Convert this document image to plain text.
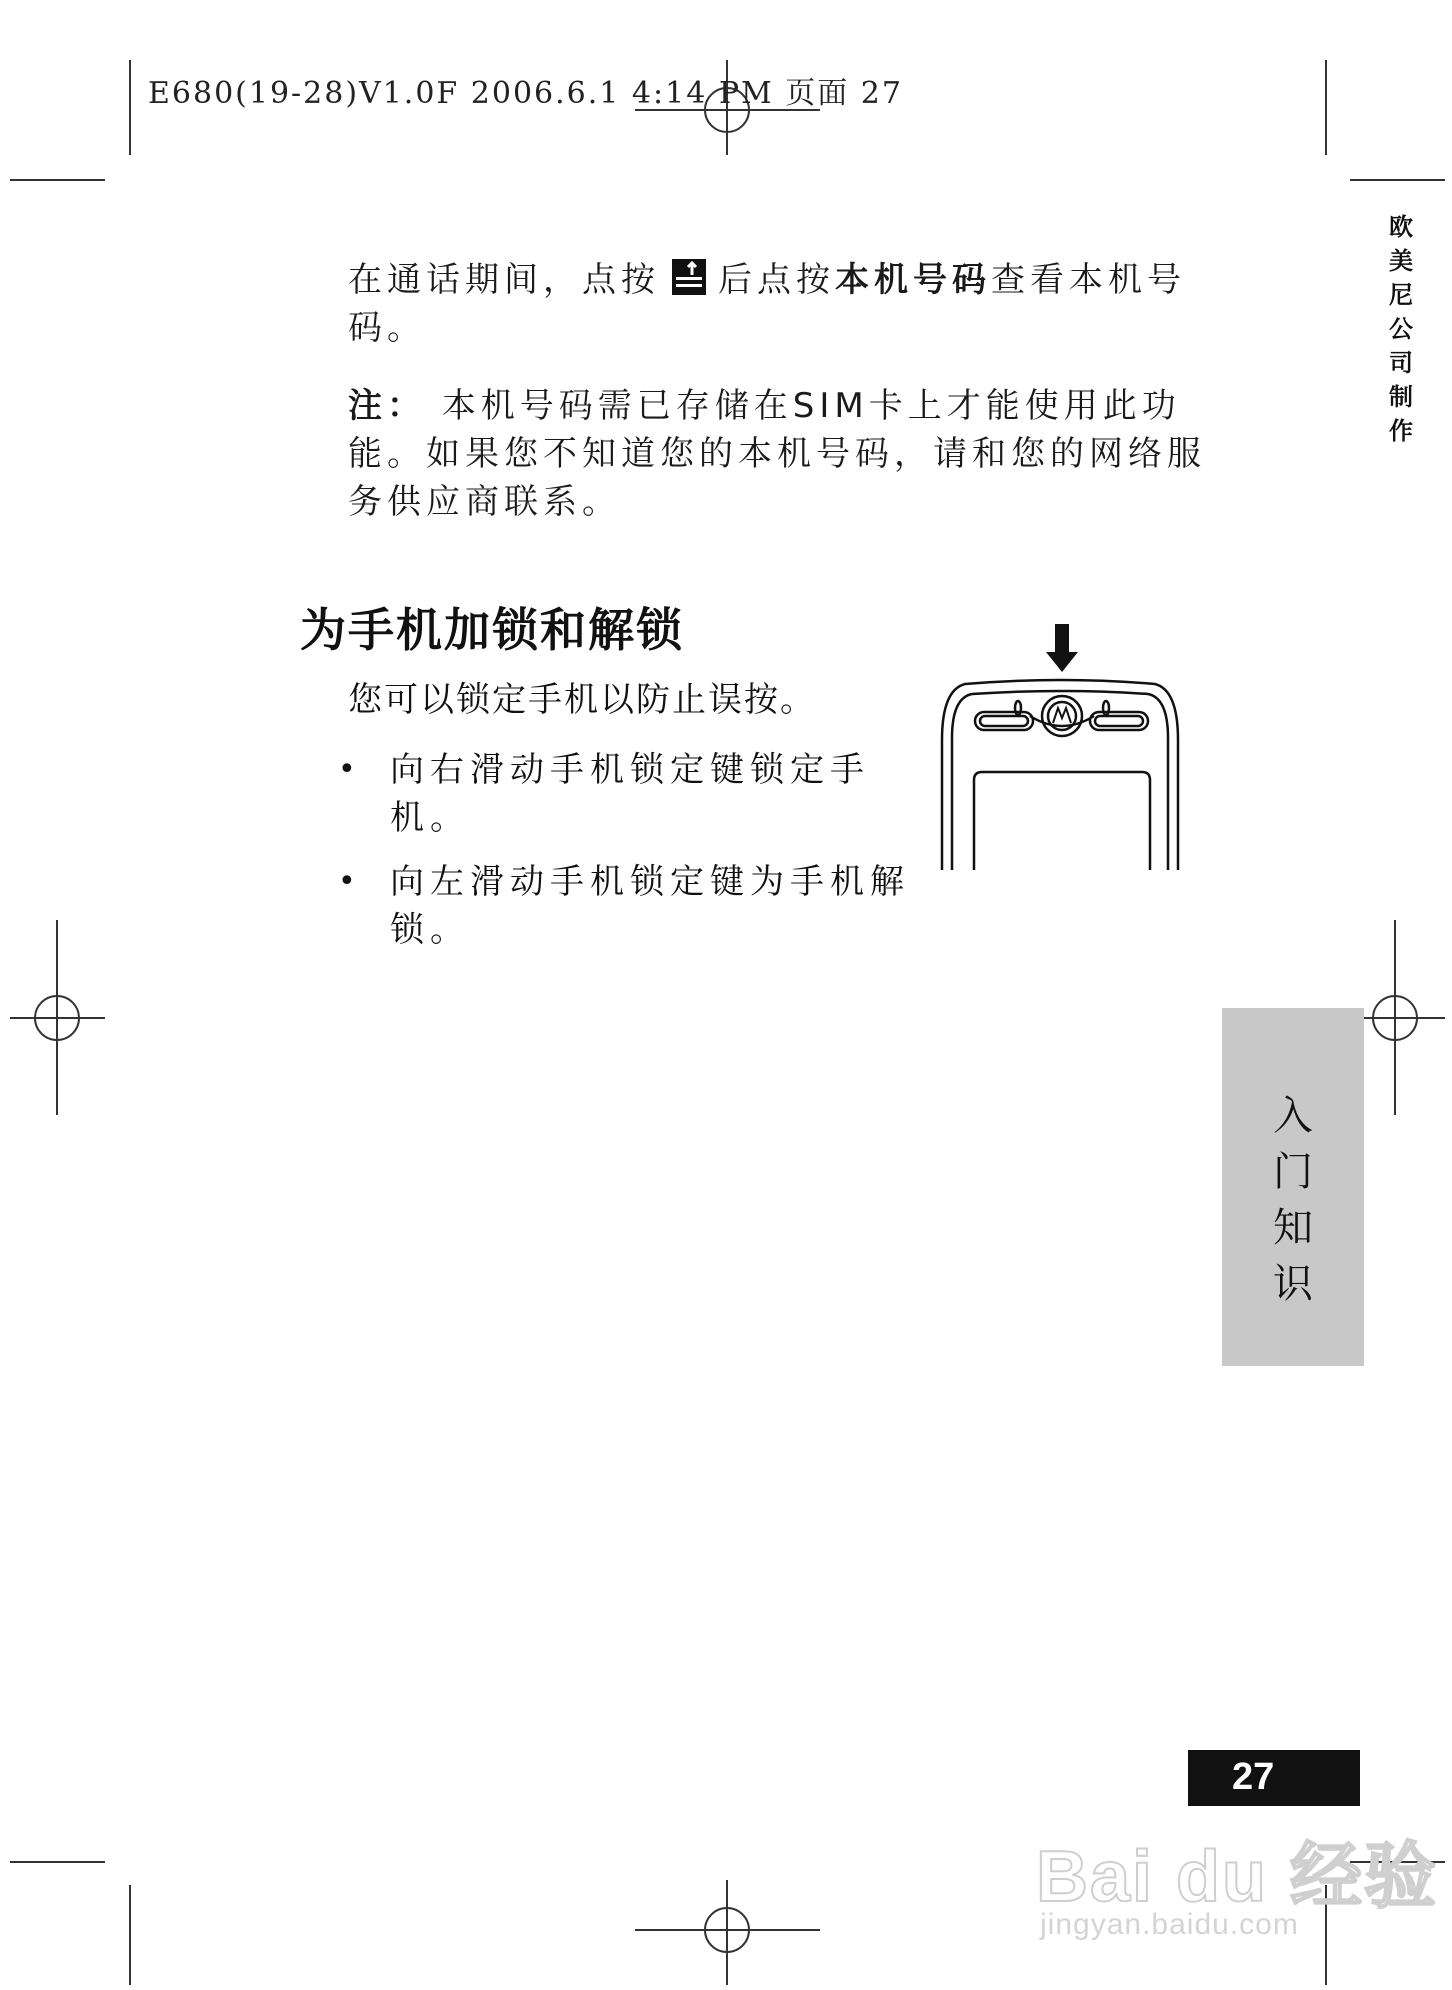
E680(19-28)V1.0F 2006.6.1 4:14 PM 页面 27
在通话期间，点按 后点按本机号码查看本机号码。
注： 本机号码需已存储在SIM卡上才能使用此功能。如果您不知道您的本机号码，请和您的网络服务供应商联系。
为手机加锁和解锁
您可以锁定手机以防止误按。
• 向右滑动手机锁定键锁定手机。
• 向左滑动手机锁定键为手机解锁。
欧美尼公司制作
入门知识
27
Bai du 经验
jingyan.baidu.com
